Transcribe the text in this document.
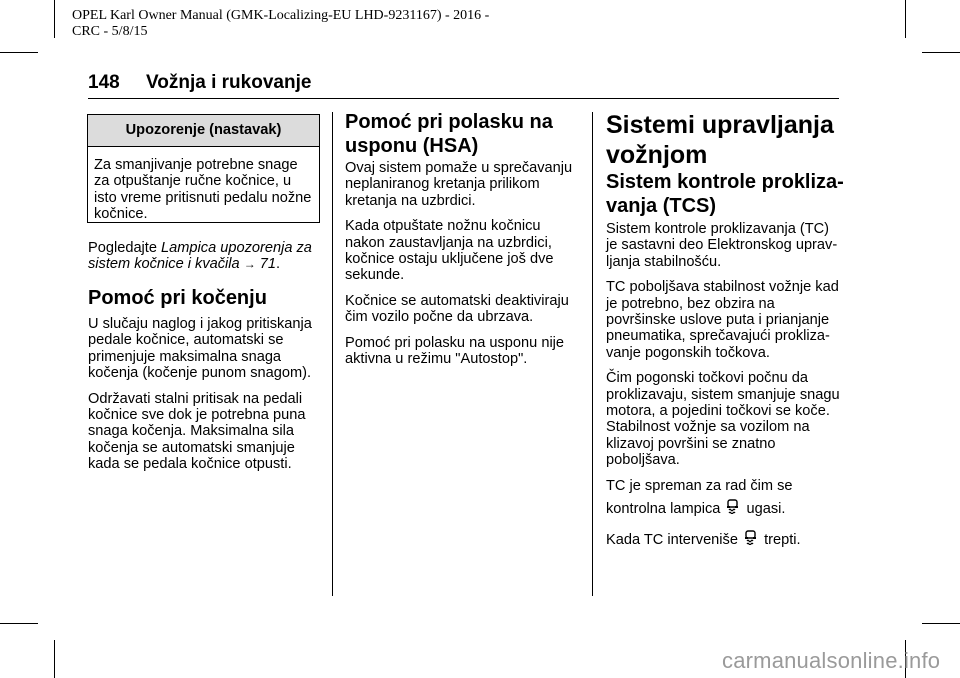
OPEL Karl Owner Manual (GMK-Localizing-EU LHD-9231167) - 2016 -
CRC - 5/8/15
148 Vožnja i rukovanje
Upozorenje (nastavak)

Za smanjivanje potrebne snage

za otpuštanje ručne kočnice, u

isto vreme pritisnuti pedalu nožne

kočnice.

Pogledajte Lampica upozorenja za

sistem kočnice i kvačila → 71.

Pomoć pri kočenju

U slučaju naglog i jakog pritiskanja

pedale kočnice, automatski se

primenjuje maksimalna snaga

kočenja (kočenje punom snagom).

Održavati stalni pritisak na pedali

kočnice sve dok je potrebna puna

snaga kočenja. Maksimalna sila

kočenja se automatski smanjuje

kada se pedala kočnice otpusti.

Pomoć pri polasku na

usponu (HSA)

Ovaj sistem pomaže u sprečavanju

neplaniranog kretanja prilikom

kretanja na uzbrdici.

Kada otpuštate nožnu kočnicu

nakon zaustavljanja na uzbrdici,

kočnice ostaju uključene još dve

sekunde.

Kočnice se automatski deaktiviraju

čim vozilo počne da ubrzava.

Pomoć pri polasku na usponu nije

aktivna u režimu "Autostop".

Sistemi upravljanja

vožnjom

Sistem kontrole prokliza-

vanja (TCS)

Sistem kontrole proklizavanja (TC)

je sastavni deo Elektronskog uprav-

ljanja stabilnošću.

TC poboljšava stabilnost vožnje kad

je potrebno, bez obzira na

površinske uslove puta i prianjanje

pneumatika, sprečavajući prokliza-

vanje pogonskih točkova.

Čim pogonski točkovi počnu da

proklizavaju, sistem smanjuje snagu

motora, a pojedini točkovi se koče.

Stabilnost vožnje sa vozilom na

klizavoj površini se znatno

poboljšava.

TC je spreman za rad čim se

kontrolna lampica  ugasi.

Kada TC interveniše  trepti.

carmanualsonline.info
